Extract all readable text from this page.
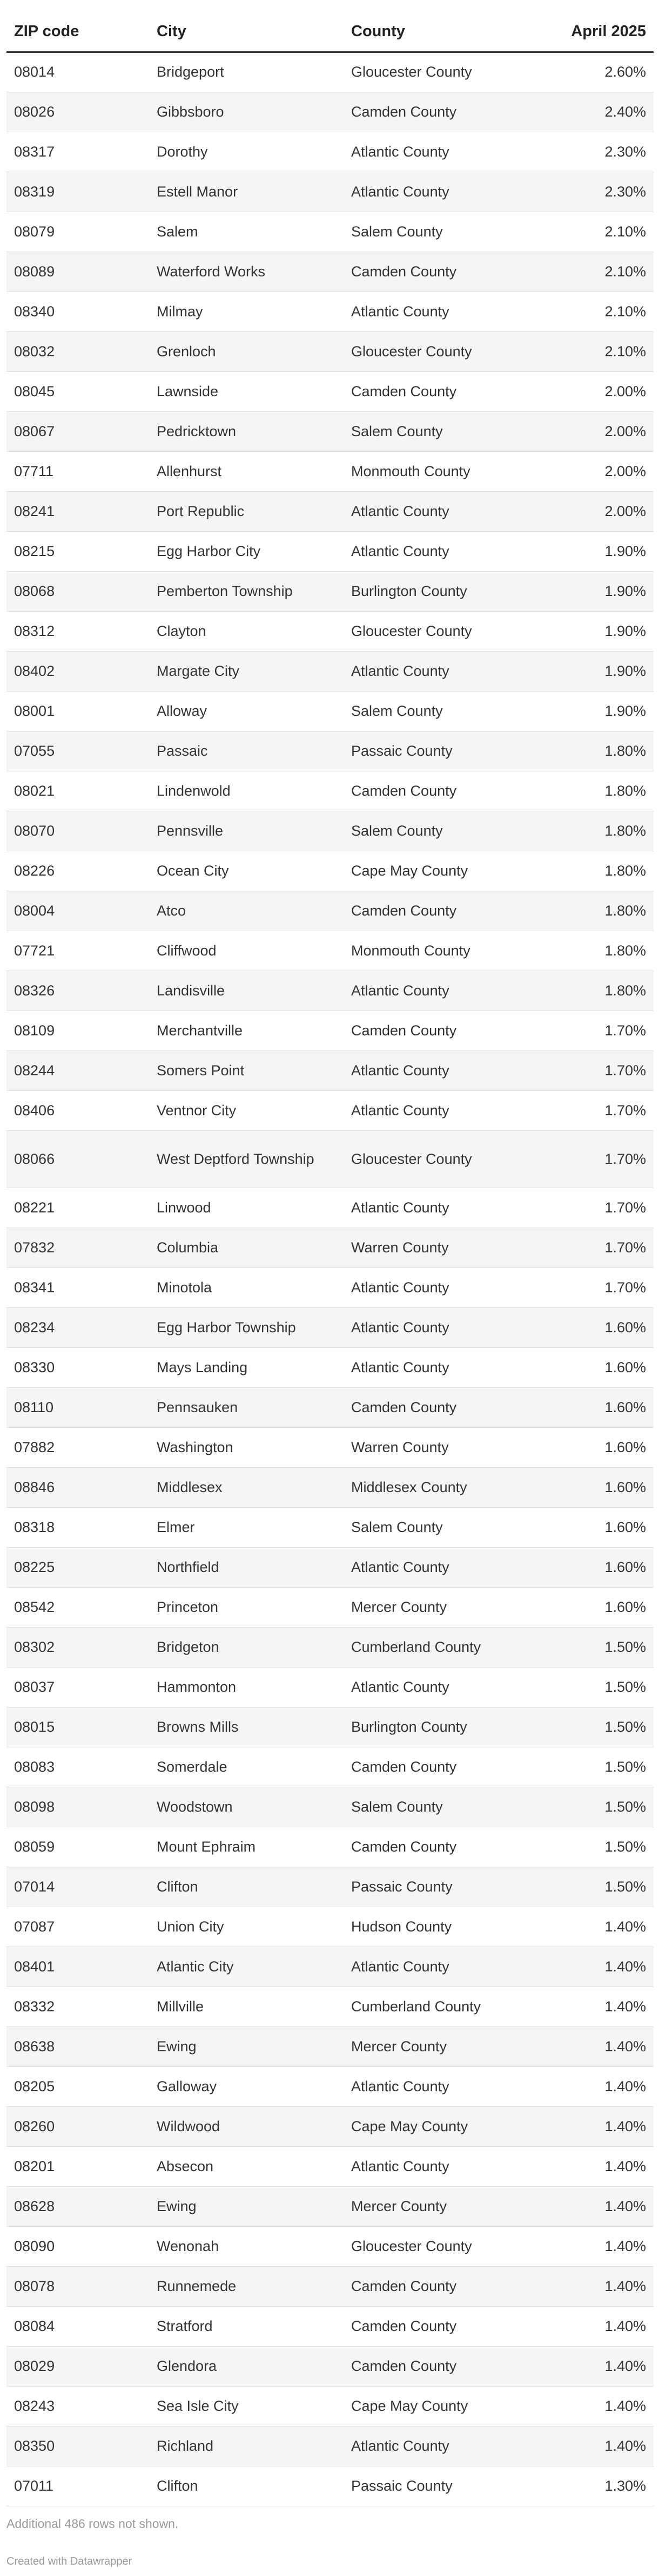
ZIP code	City	County	April 2025
08014	Bridgeport	Gloucester County	2.60%
08026	Gibbsboro	Camden County	2.40%
08317	Dorothy	Atlantic County	2.30%
08319	Estell Manor	Atlantic County	2.30%
08079	Salem	Salem County	2.10%
08089	Waterford Works	Camden County	2.10%
08340	Milmay	Atlantic County	2.10%
08032	Grenloch	Gloucester County	2.10%
08045	Lawnside	Camden County	2.00%
08067	Pedricktown	Salem County	2.00%
07711	Allenhurst	Monmouth County	2.00%
08241	Port Republic	Atlantic County	2.00%
08215	Egg Harbor City	Atlantic County	1.90%
08068	Pemberton Township	Burlington County	1.90%
08312	Clayton	Gloucester County	1.90%
08402	Margate City	Atlantic County	1.90%
08001	Alloway	Salem County	1.90%
07055	Passaic	Passaic County	1.80%
08021	Lindenwold	Camden County	1.80%
08070	Pennsville	Salem County	1.80%
08226	Ocean City	Cape May County	1.80%
08004	Atco	Camden County	1.80%
07721	Cliffwood	Monmouth County	1.80%
08326	Landisville	Atlantic County	1.80%
08109	Merchantville	Camden County	1.70%
08244	Somers Point	Atlantic County	1.70%
08406	Ventnor City	Atlantic County	1.70%
08066	West Deptford Township	Gloucester County	1.70%
08221	Linwood	Atlantic County	1.70%
07832	Columbia	Warren County	1.70%
08341	Minotola	Atlantic County	1.70%
08234	Egg Harbor Township	Atlantic County	1.60%
08330	Mays Landing	Atlantic County	1.60%
08110	Pennsauken	Camden County	1.60%
07882	Washington	Warren County	1.60%
08846	Middlesex	Middlesex County	1.60%
08318	Elmer	Salem County	1.60%
08225	Northfield	Atlantic County	1.60%
08542	Princeton	Mercer County	1.60%
08302	Bridgeton	Cumberland County	1.50%
08037	Hammonton	Atlantic County	1.50%
08015	Browns Mills	Burlington County	1.50%
08083	Somerdale	Camden County	1.50%
08098	Woodstown	Salem County	1.50%
08059	Mount Ephraim	Camden County	1.50%
07014	Clifton	Passaic County	1.50%
07087	Union City	Hudson County	1.40%
08401	Atlantic City	Atlantic County	1.40%
08332	Millville	Cumberland County	1.40%
08638	Ewing	Mercer County	1.40%
08205	Galloway	Atlantic County	1.40%
08260	Wildwood	Cape May County	1.40%
08201	Absecon	Atlantic County	1.40%
08628	Ewing	Mercer County	1.40%
08090	Wenonah	Gloucester County	1.40%
08078	Runnemede	Camden County	1.40%
08084	Stratford	Camden County	1.40%
08029	Glendora	Camden County	1.40%
08243	Sea Isle City	Cape May County	1.40%
08350	Richland	Atlantic County	1.40%
07011	Clifton	Passaic County	1.30%
Additional 486 rows not shown.
Created with Datawrapper
